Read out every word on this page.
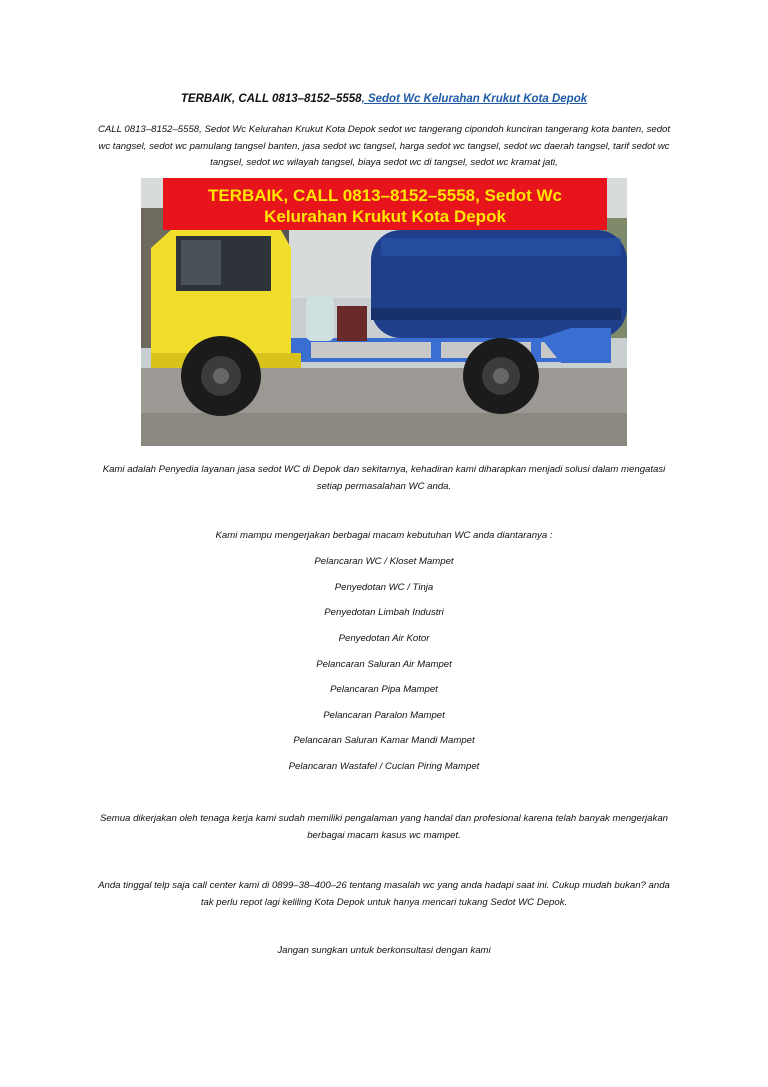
TERBAIK, CALL 0813–8152–5558, Sedot Wc Kelurahan Krukut Kota Depok
CALL 0813–8152–5558, Sedot Wc Kelurahan Krukut Kota Depok sedot wc tangerang cipondoh kunciran tangerang kota banten, sedot wc tangsel, sedot wc pamulang tangsel banten, jasa sedot wc tangsel, harga sedot wc tangsel, sedot wc daerah tangsel, tarif sedot wc tangsel, sedot wc wilayah tangsel, biaya sedot wc di tangsel, sedot wc kramat jati,
TERBAIK, CALL 0813–8152–5558, Sedot Wc
Kelurahan Krukut Kota Depok
Kami adalah Penyedia layanan jasa sedot WC di Depok dan sekitarnya, kehadiran kami diharapkan menjadi solusi dalam mengatasi setiap permasalahan WC anda.
Kami mampu mengerjakan berbagai macam kebutuhan WC anda diantaranya :
Pelancaran WC / Kloset Mampet
Penyedotan WC / Tinja
Penyedotan Limbah Industri
Penyedotan Air Kotor
Pelancaran Saluran Air Mampet
Pelancaran Pipa Mampet
Pelancaran Paralon Mampet
Pelancaran Saluran Kamar Mandi Mampet
Pelancaran Wastafel / Cucian Piring Mampet
Semua dikerjakan oleh tenaga kerja kami sudah memiliki pengalaman yang handal dan profesional karena telah banyak mengerjakan berbagai macam kasus wc mampet.
Anda tinggal telp saja call center kami di 0899–38–400–26 tentang masalah wc yang anda hadapi saat ini. Cukup mudah bukan? anda tak perlu repot lagi keliling Kota Depok untuk hanya mencari tukang Sedot WC Depok.
Jangan sungkan untuk berkonsultasi dengan kami
